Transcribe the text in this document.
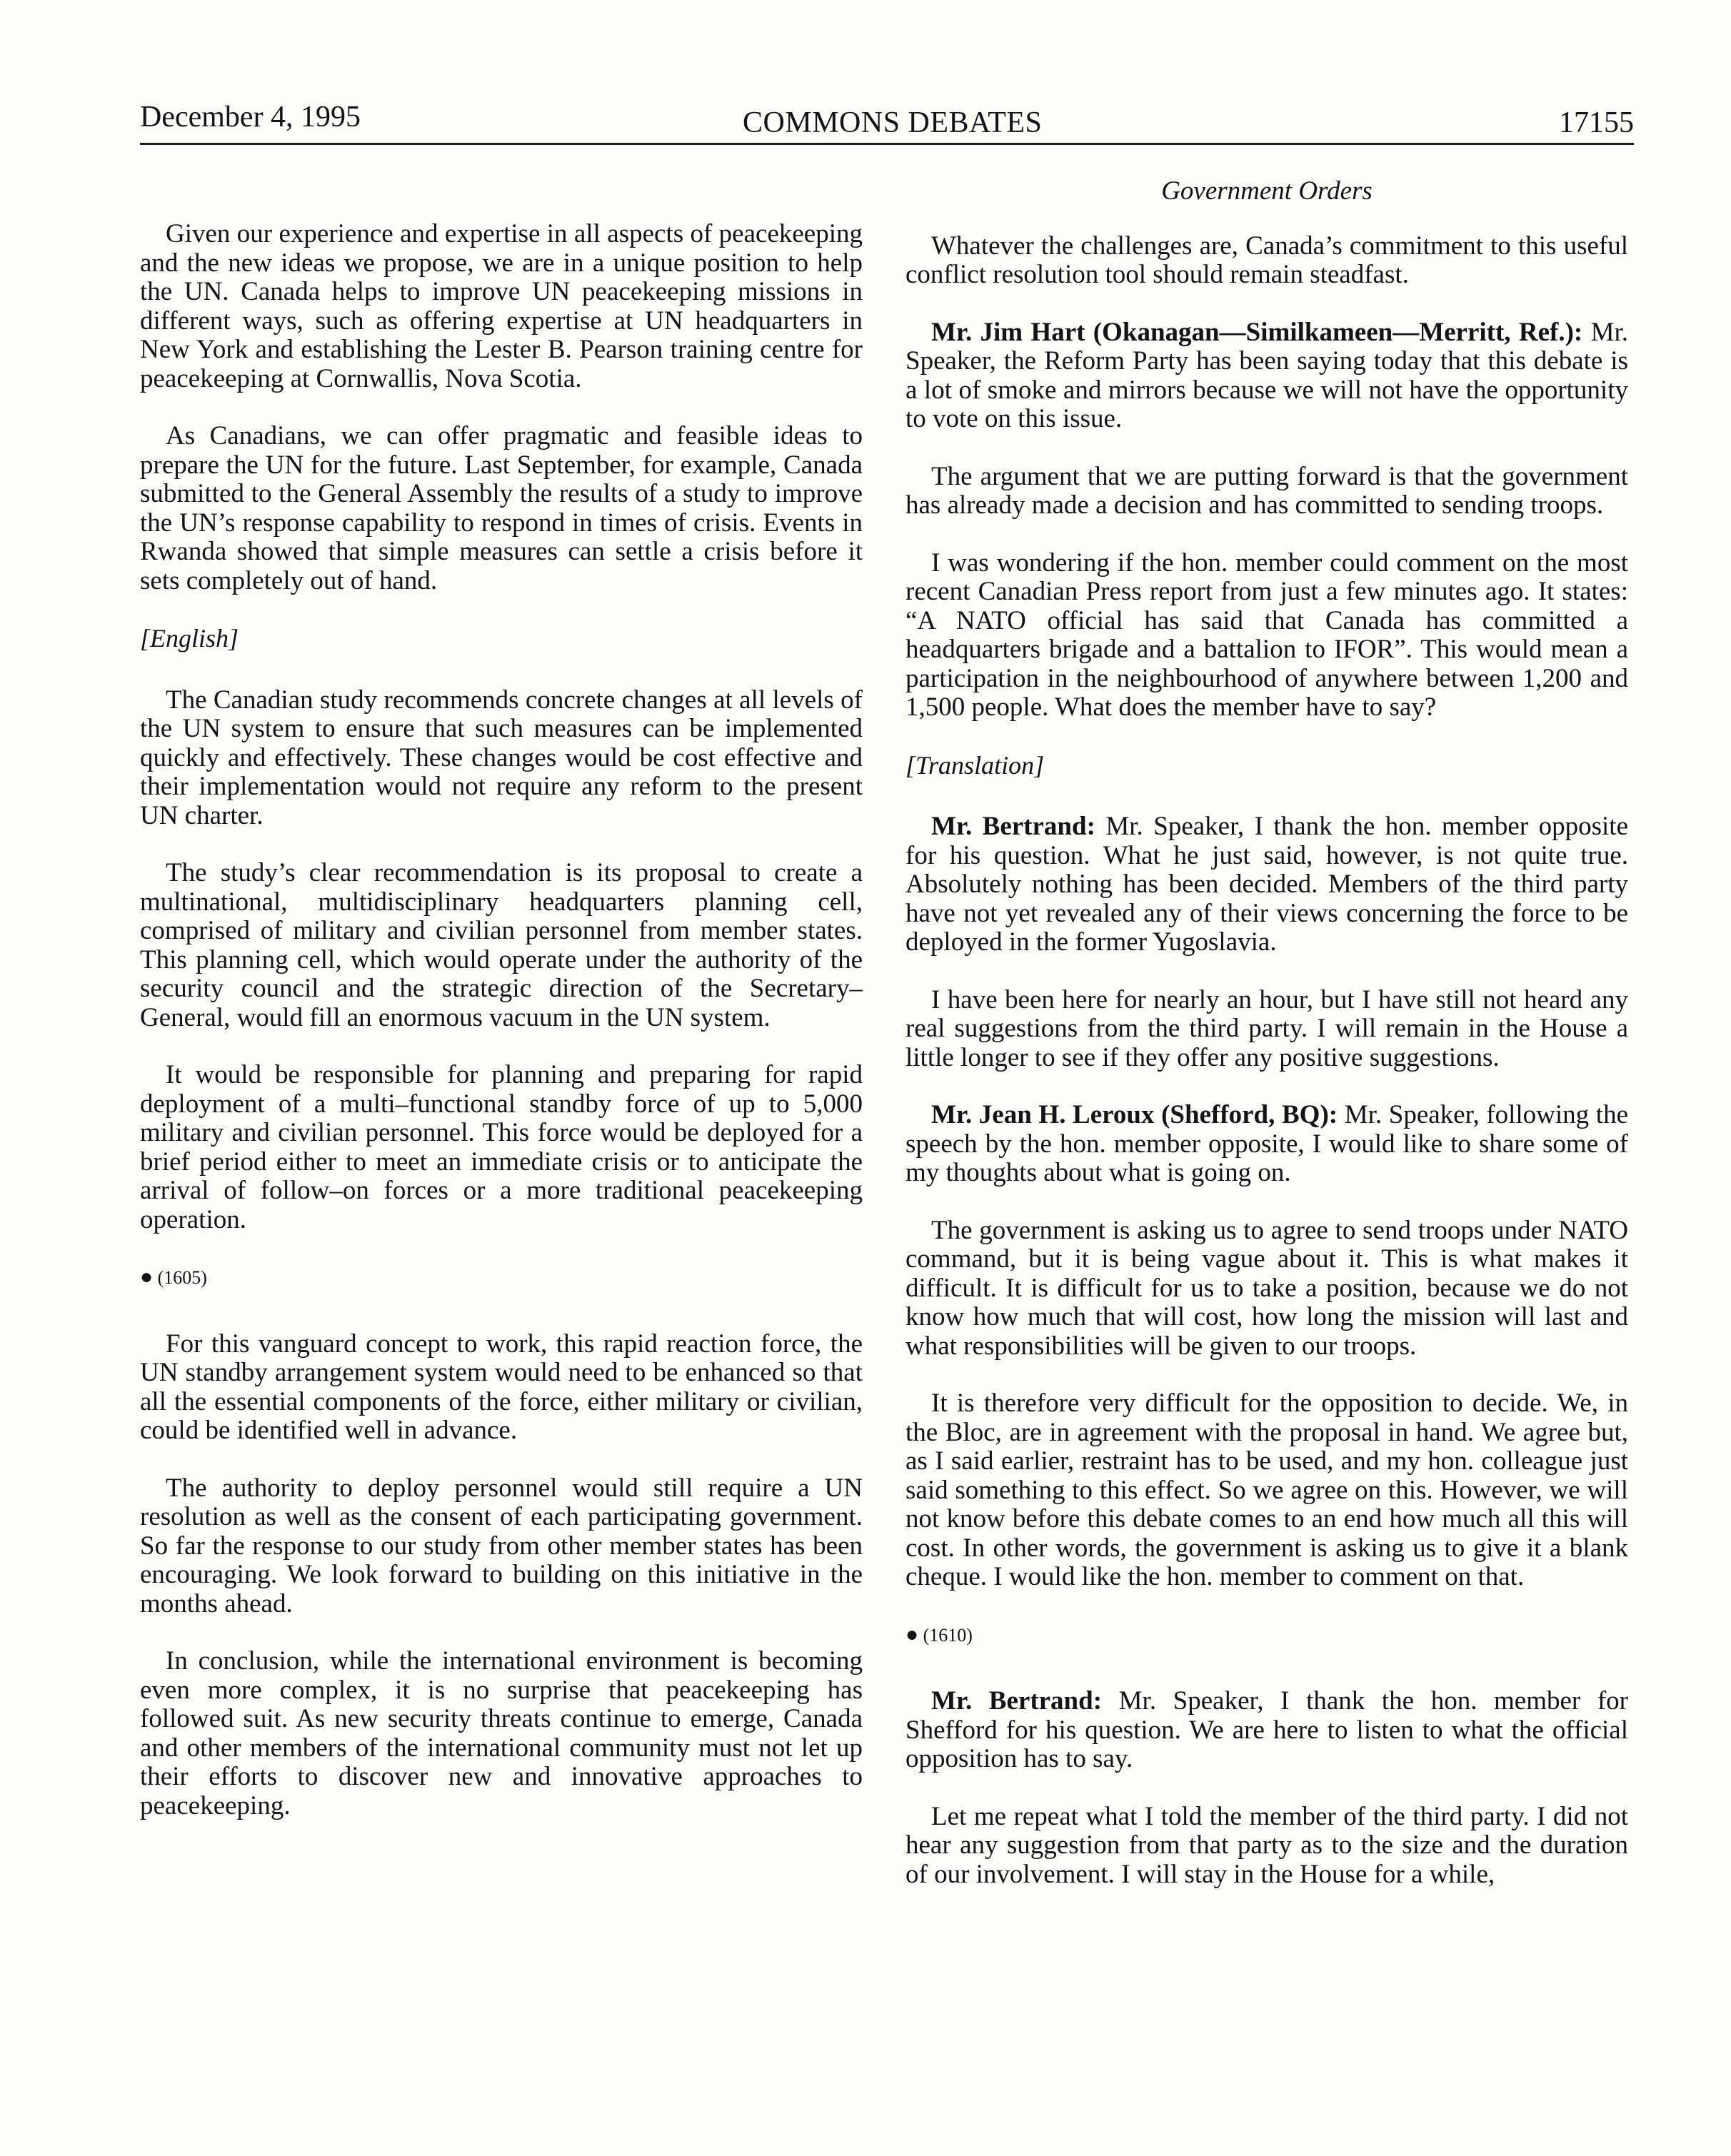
December 4, 1995	COMMONS DEBATES	17155

Given our experience and expertise in all aspects of peacekeeping and the new ideas we propose, we are in a unique position to help the UN. Canada helps to improve UN peacekeeping missions in different ways, such as offering expertise at UN headquarters in New York and establishing the Lester B. Pearson training centre for peacekeeping at Cornwallis, Nova Scotia.

As Canadians, we can offer pragmatic and feasible ideas to prepare the UN for the future. Last September, for example, Canada submitted to the General Assembly the results of a study to improve the UN’s response capability to respond in times of crisis. Events in Rwanda showed that simple measures can settle a crisis before it sets completely out of hand.

[English]

The Canadian study recommends concrete changes at all levels of the UN system to ensure that such measures can be implemented quickly and effectively. These changes would be cost effective and their implementation would not require any reform to the present UN charter.

The study’s clear recommendation is its proposal to create a multinational, multidisciplinary headquarters planning cell, comprised of military and civilian personnel from member states. This planning cell, which would operate under the authority of the security council and the strategic direction of the Secretary–General, would fill an enormous vacuum in the UN system.

It would be responsible for planning and preparing for rapid deployment of a multi–functional standby force of up to 5,000 military and civilian personnel. This force would be deployed for a brief period either to meet an immediate crisis or to anticipate the arrival of follow–on forces or a more traditional peacekeeping operation.

● (1605)

For this vanguard concept to work, this rapid reaction force, the UN standby arrangement system would need to be enhanced so that all the essential components of the force, either military or civilian, could be identified well in advance.

The authority to deploy personnel would still require a UN resolution as well as the consent of each participating government. So far the response to our study from other member states has been encouraging. We look forward to building on this initiative in the months ahead.

In conclusion, while the international environment is becoming even more complex, it is no surprise that peacekeeping has followed suit. As new security threats continue to emerge, Canada and other members of the international community must not let up their efforts to discover new and innovative approaches to peacekeeping.

Government Orders

Whatever the challenges are, Canada’s commitment to this useful conflict resolution tool should remain steadfast.

Mr. Jim Hart (Okanagan—Similkameen—Merritt, Ref.): Mr. Speaker, the Reform Party has been saying today that this debate is a lot of smoke and mirrors because we will not have the opportunity to vote on this issue.

The argument that we are putting forward is that the government has already made a decision and has committed to sending troops.

I was wondering if the hon. member could comment on the most recent Canadian Press report from just a few minutes ago. It states: “A NATO official has said that Canada has committed a headquarters brigade and a battalion to IFOR”. This would mean a participation in the neighbourhood of anywhere between 1,200 and 1,500 people. What does the member have to say?

[Translation]

Mr. Bertrand: Mr. Speaker, I thank the hon. member opposite for his question. What he just said, however, is not quite true. Absolutely nothing has been decided. Members of the third party have not yet revealed any of their views concerning the force to be deployed in the former Yugoslavia.

I have been here for nearly an hour, but I have still not heard any real suggestions from the third party. I will remain in the House a little longer to see if they offer any positive suggestions.

Mr. Jean H. Leroux (Shefford, BQ): Mr. Speaker, following the speech by the hon. member opposite, I would like to share some of my thoughts about what is going on.

The government is asking us to agree to send troops under NATO command, but it is being vague about it. This is what makes it difficult. It is difficult for us to take a position, because we do not know how much that will cost, how long the mission will last and what responsibilities will be given to our troops.

It is therefore very difficult for the opposition to decide. We, in the Bloc, are in agreement with the proposal in hand. We agree but, as I said earlier, restraint has to be used, and my hon. colleague just said something to this effect. So we agree on this. However, we will not know before this debate comes to an end how much all this will cost. In other words, the government is asking us to give it a blank cheque. I would like the hon. member to comment on that.

● (1610)

Mr. Bertrand: Mr. Speaker, I thank the hon. member for Shefford for his question. We are here to listen to what the official opposition has to say.

Let me repeat what I told the member of the third party. I did not hear any suggestion from that party as to the size and the duration of our involvement. I will stay in the House for a while,
